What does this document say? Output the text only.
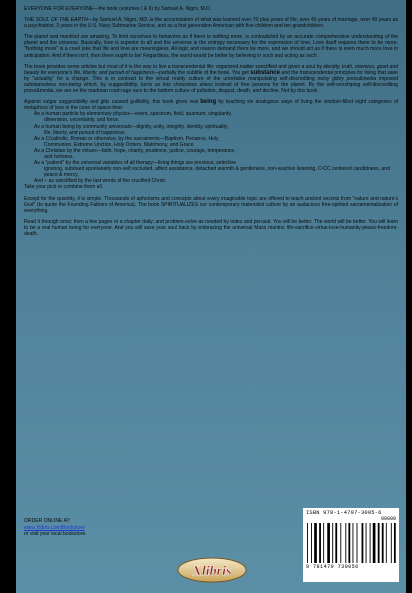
EVERYONE FOR EVERYONE—the book (volumes I & II) by Samuel A. Nigro, M.D.

THE SOUL OF THE EARTH—by Samuel A. Nigro, MD..is the accumulation of what was learned over 70 plus years of life, over 45 years of marriage, over 40 years as a psychiatrist, 3 years in the U.S. Navy Submarine Service, and as a first generation American with five children and ten grandchildren.

The planet and mankind are amazing. To limit ourselves to behaviors as if there is nothing more, is contradicted by an accurate comprehensive understanding of the planet and the universe. Basically, love is superior to all and the universe is the entropy necessary for the expression of love. Love itself requires there to be more. "Nothing more" is a cruel joke that life and love are meaningless. All logic and reason demand there be more, and we should act as if there is even much more love in anticipation. And if there isn't, then there ought to be! Regardless, the world would be better by believing in such and acting as such.

The book provides some articles but most of it is the way to live a transcendental life: organized matter sanctified and given a soul by identity, truth, oneness, good and beauty for everyone's life, liberty, and pursuit of happiness—partially the subtitle of the book. You get substance and the transcendental principles for living that save by "actuality" for a change. This is in contrast to the virtual reality culture of the unreliable manipulating self-discrediting noisy glitzy press&media imposed substanceless non-being which, by suggestibility, turns us into choiceless aliens instead of free persons for the planet. By the self-worshiping self-discrediting press&media, we are on the madman road-rage race to the bottom culture of pollution, disgust, death, and decline. Not by this book.

Against vulgar suggestibility and glitz caused gullibility, this book gives real being by teaching six analogous ways of living the wisdom-filled eight categories of metaphors of love in the cone of space-time:

As a human particle by elementary physics—event, spectrum, field, quantum, singularity,
dimension, uncertainty, and force.
As a human being by community universals—dignity, unity, integrity, identity, spirituality,
life, liberty, and pursuit of happiness.
As a C/catholic, Roman or otherwise, by the sacraments—Baptism, Penance, Holy
Communion, Extreme Unction, Holy Orders, Matrimony, and Grace.
As a Christian by the virtues—faith, hope, charity, prudence, justice, courage, temperance,
and holiness.
As a "patient" by the universal variables of all therapy—living things are precious, selective
ignoring, subdued spontaneity non-self excluded, affect assistance, detached warmth & gentleness, non-reactive listening, C²CC centered candidness, and peace & mercy.
And – as sanctified by the last words of the crucified Christ.

Take your pick or combine them all.

Except for the quantity, it is simple. Thousands of aphorisms and concepts about every imaginable topic are offered to teach ancient secrets from "nature and nature's God" (to quote the Founding Fathers of America). The book SPIRITUALIZES our contemporary materialist culture by an audacious free-spirited sacramentalization of everything.

Read it through once; then a few pages or a chapter daily; and problem-solve as needed by index and perusal. You will be better. The world will be better. You will learn to be a real human being for everyone. And you will save your soul back by embracing the universal Mass mantra: life-sacrifice-virtue-love-humanity-peace-freedom-death.

ORDER ONLINE AT:
www.Xlibris.com/Bookstore
or visit your local bookstore.
Xlibris
ISBN 978-1-4797-3005-6
90000
9 781479 730056
